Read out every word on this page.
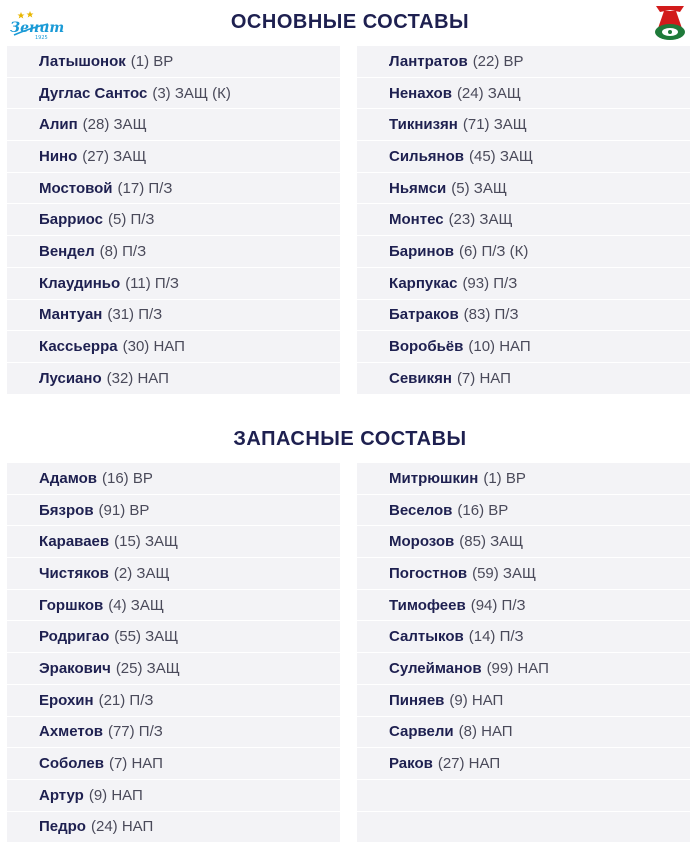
Зенит
1925
ОСНОВНЫЕ СОСТАВЫ
ЗАПАСНЫЕ СОСТАВЫ
Латышонок (1) ВР
Дуглас Сантос (3) ЗАЩ (К)
Алип (28) ЗАЩ
Нино (27) ЗАЩ
Мостовой (17) П/З
Барриос (5) П/З
Вендел (8) П/З
Клаудиньо (11) П/З
Мантуан (31) П/З
Кассьерра (30) НАП
Лусиано (32) НАП
Лантратов (22) ВР
Ненахов (24) ЗАЩ
Тикнизян (71) ЗАЩ
Сильянов (45) ЗАЩ
Ньямси (5) ЗАЩ
Монтес (23) ЗАЩ
Баринов (6) П/З (К)
Карпукас (93) П/З
Батраков (83) П/З
Воробьёв (10) НАП
Севикян (7) НАП
Адамов (16) ВР
Бязров (91) ВР
Караваев (15) ЗАЩ
Чистяков (2) ЗАЩ
Горшков (4) ЗАЩ
Родригао (55) ЗАЩ
Эракович (25) ЗАЩ
Ерохин (21) П/З
Ахметов (77) П/З
Соболев (7) НАП
Артур (9) НАП
Педро (24) НАП
Митрюшкин (1) ВР
Веселов (16) ВР
Морозов (85) ЗАЩ
Погостнов (59) ЗАЩ
Тимофеев (94) П/З
Салтыков (14) П/З
Сулейманов (99) НАП
Пиняев (9) НАП
Сарвели (8) НАП
Раков (27) НАП
